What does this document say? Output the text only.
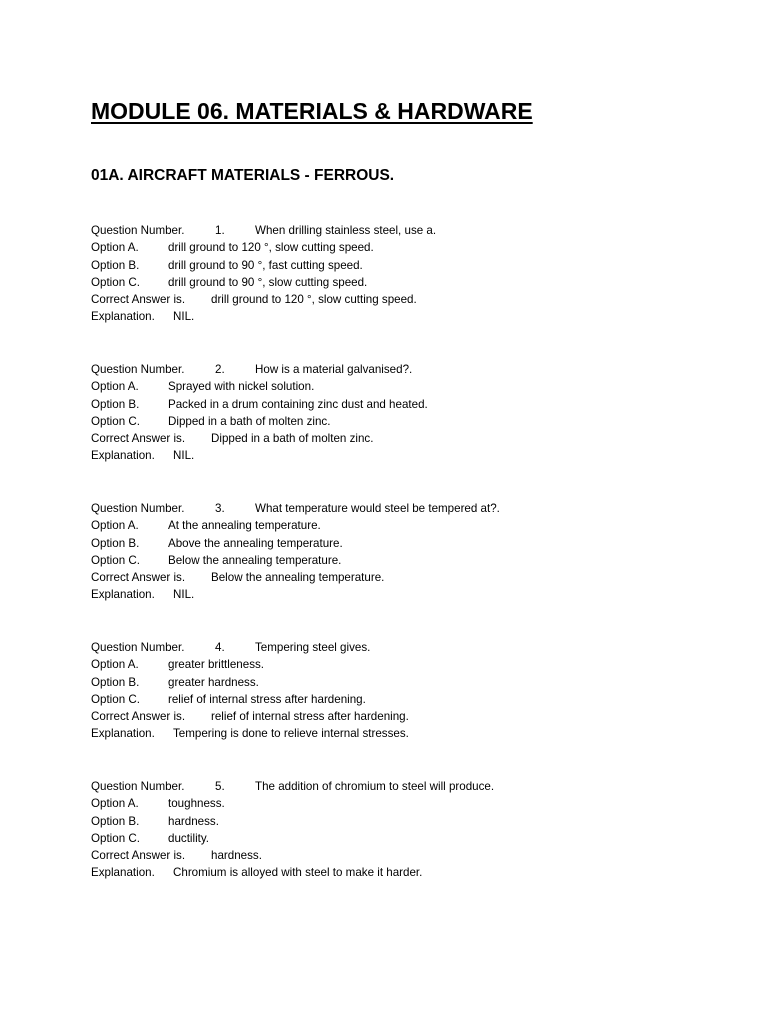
MODULE 06. MATERIALS & HARDWARE
01A. AIRCRAFT MATERIALS - FERROUS.
Question Number.	1.	When drilling stainless steel, use a.
Option A.	drill ground to 120 °, slow cutting speed.
Option B. drill ground to 90 °, fast cutting speed.
Option C. drill ground to 90 °, slow cutting speed.
Correct Answer is. drill ground to 120 °, slow cutting speed.
Explanation. NIL.
Question Number.	2.	How is a material galvanised?.
Option A.	Sprayed with nickel solution.
Option B. Packed in a drum containing zinc dust and heated.
Option C. Dipped in a bath of molten zinc.
Correct Answer is. Dipped in a bath of molten zinc.
Explanation. NIL.
Question Number.	3.	What temperature would steel be tempered at?.
Option A.	At the annealing temperature.
Option B. Above the annealing temperature.
Option C. Below the annealing temperature.
Correct Answer is. Below the annealing temperature.
Explanation. NIL.
Question Number.	4.	Tempering steel gives.
Option A.	greater brittleness.
Option B. greater hardness.
Option C. relief of internal stress after hardening.
Correct Answer is. relief of internal stress after hardening.
Explanation. Tempering is done to relieve internal stresses.
Question Number.	5.	The addition of chromium to steel will produce.
Option A.	toughness.
Option B. hardness.
Option C. ductility.
Correct Answer is. hardness.
Explanation. Chromium is alloyed with steel to make it harder.
